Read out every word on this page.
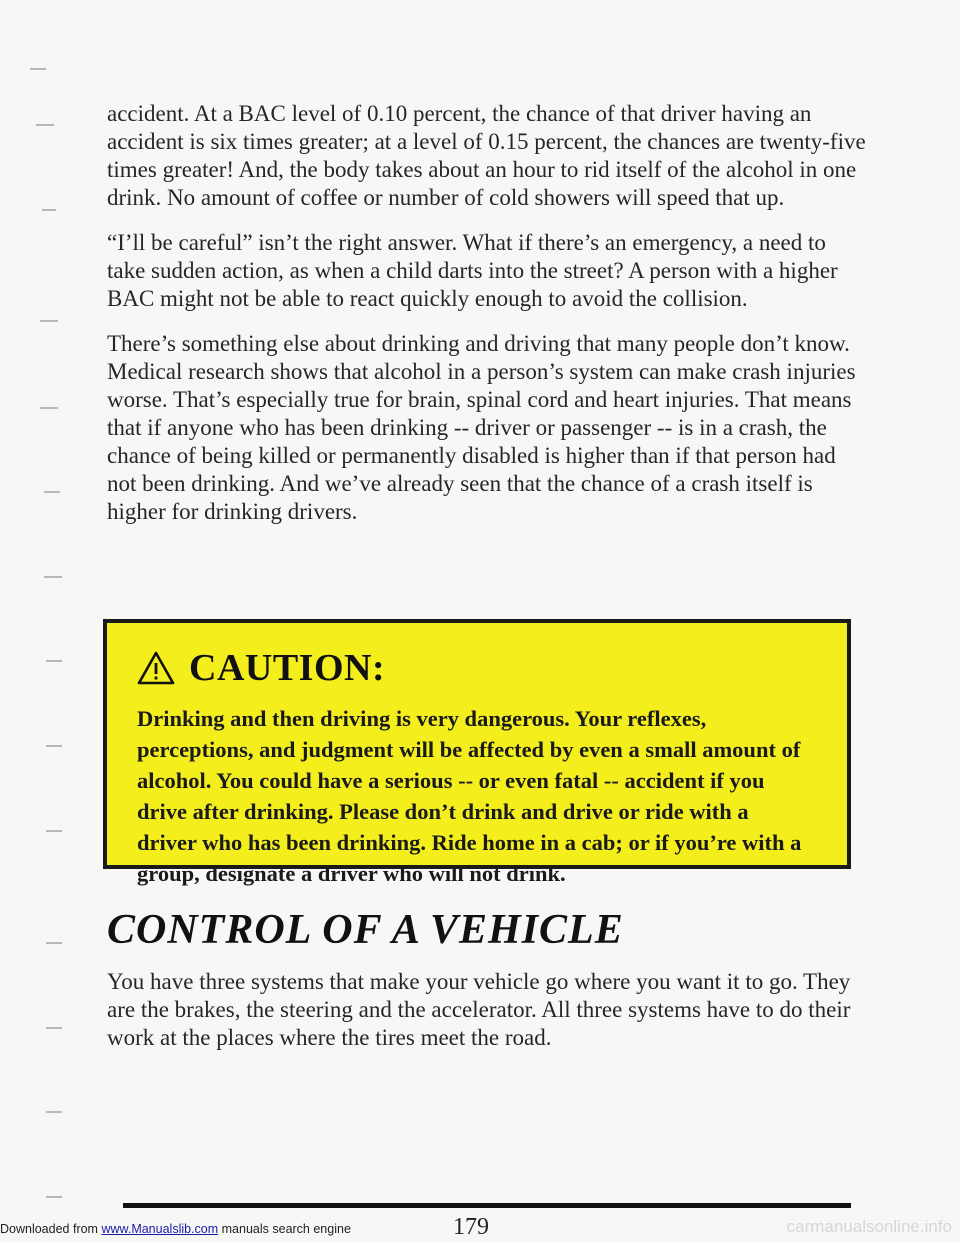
accident. At a BAC level of 0.10 percent, the chance of that driver having an accident is six times greater; at a level of 0.15 percent, the chances are twenty-five times greater! And, the body takes about an hour to rid itself of the alcohol in one drink. No amount of coffee or number of cold showers will speed that up.

“I’ll be careful” isn’t the right answer. What if there’s an emergency, a need to take sudden action, as when a child darts into the street? A person with a higher BAC might not be able to react quickly enough to avoid the collision.

There’s something else about drinking and driving that many people don’t know. Medical research shows that alcohol in a person’s system can make crash injuries worse. That’s especially true for brain, spinal cord and heart injuries. That means that if anyone who has been drinking -- driver or passenger -- is in a crash, the chance of being killed or permanently disabled is higher than if that person had not been drinking. And we’ve already seen that the chance of a crash itself is higher for drinking drivers.

CAUTION:

Drinking and then driving is very dangerous. Your reflexes, perceptions, and judgment will be affected by even a small amount of alcohol. You could have a serious -- or even fatal -- accident if you drive after drinking. Please don’t drink and drive or ride with a driver who has been drinking. Ride home in a cab; or if you’re with a group, designate a driver who will not drink.

CONTROL OF A VEHICLE

You have three systems that make your vehicle go where you want it to go. They are the brakes, the steering and the accelerator. All three systems have to do their work at the places where the tires meet the road.

Downloaded from www.Manualslib.com manuals search engine	179	carmanualsonline.info
